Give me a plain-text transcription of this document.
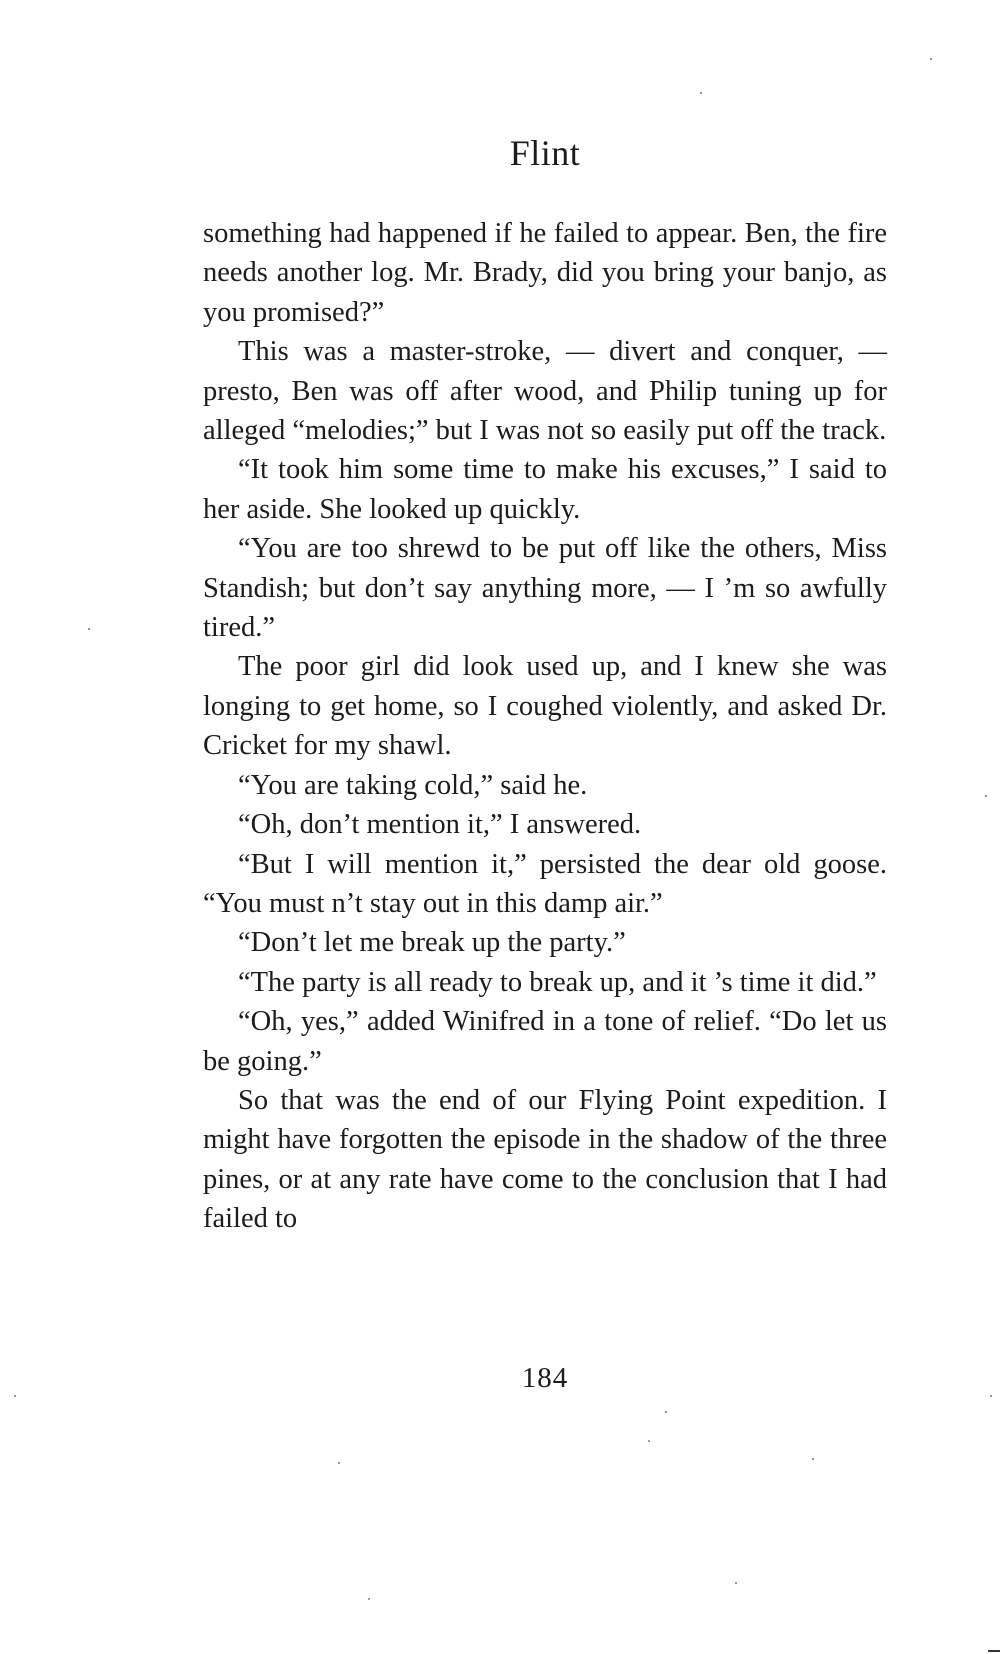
Flint

something had happened if he failed to appear. Ben, the fire needs another log. Mr. Brady, did you bring your banjo, as you promised?”

This was a master-stroke, — divert and conquer, — presto, Ben was off after wood, and Philip tuning up for alleged “melodies;” but I was not so easily put off the track.

“It took him some time to make his excuses,” I said to her aside. She looked up quickly.

“You are too shrewd to be put off like the others, Miss Standish; but don’t say anything more, — I ’m so awfully tired.”

The poor girl did look used up, and I knew she was longing to get home, so I coughed violently, and asked Dr. Cricket for my shawl.

“You are taking cold,” said he.

“Oh, don’t mention it,” I answered.

“But I will mention it,” persisted the dear old goose. “You must n’t stay out in this damp air.”

“Don’t let me break up the party.”

“The party is all ready to break up, and it ’s time it did.”

“Oh, yes,” added Winifred in a tone of relief. “Do let us be going.”

So that was the end of our Flying Point expedition. I might have forgotten the episode in the shadow of the three pines, or at any rate have come to the conclusion that I had failed to

184
